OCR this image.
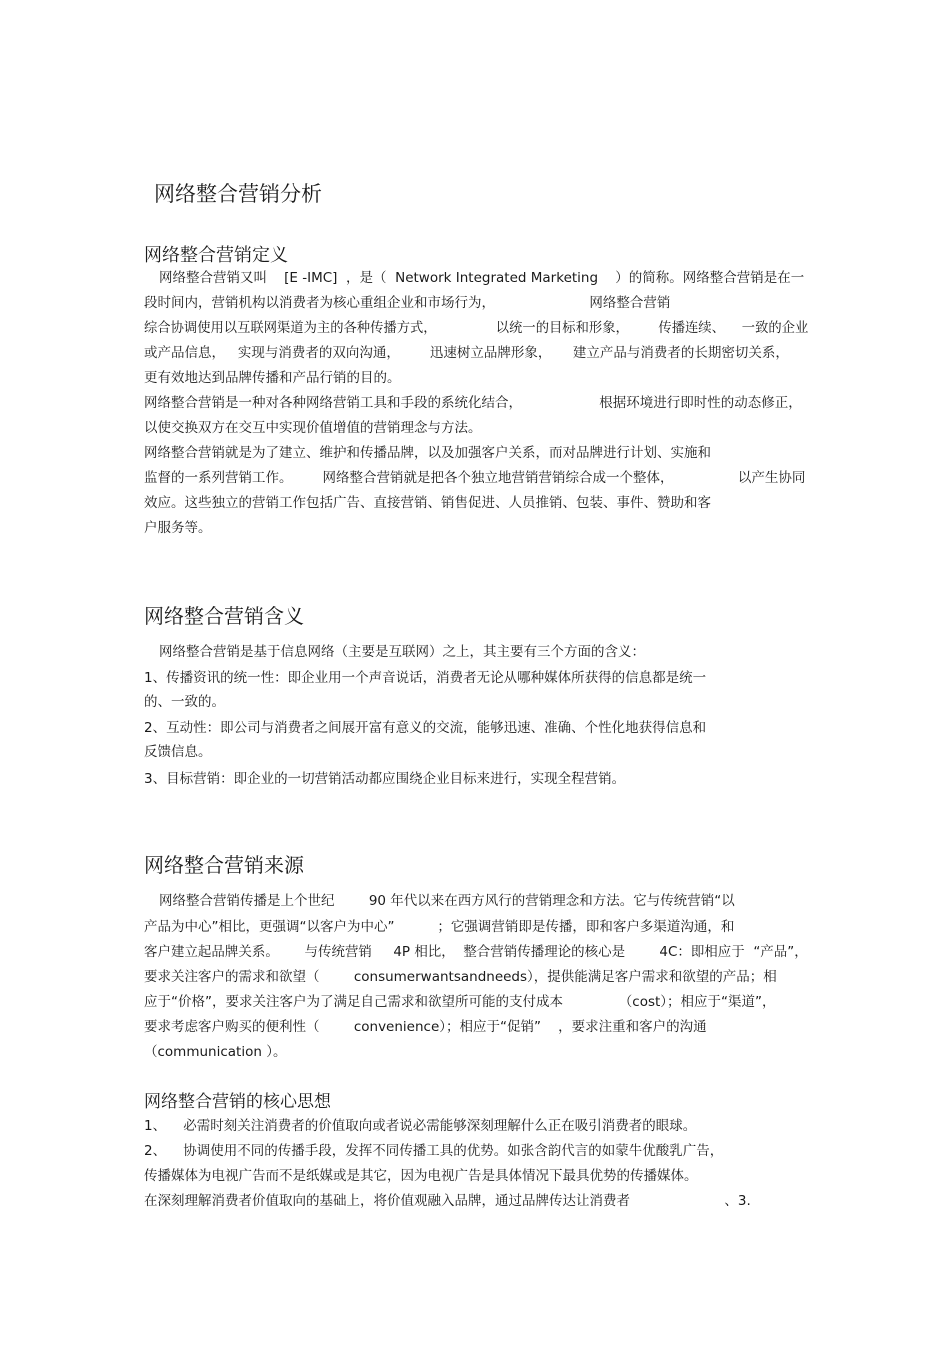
网络整合营销分析
网络整合营销定义
网络整合营销又叫    [E -IMC]  ，是（  Network Integrated Marketing    ）的简称。网络整合营销是在一
段时间内，营销机构以消费者为核心重组企业和市场行为，                      网络整合营销
综合协调使用以互联网渠道为主的各种传播方式，              以统一的目标和形象，       传播连续、    一致的企业
或产品信息，   实现与消费者的双向沟通，       迅速树立品牌形象，     建立产品与消费者的长期密切关系，
更有效地达到品牌传播和产品行销的目的。
网络整合营销是一种对各种网络营销工具和手段的系统化结合，                  根据环境进行即时性的动态修正，
以使交换双方在交互中实现价值增值的营销理念与方法。
网络整合营销就是为了建立、维护和传播品牌，以及加强客户关系，而对品牌进行计划、实施和
监督的一系列营销工作。       网络整合营销就是把各个独立地营销营销综合成一个整体，               以产生协同
效应。这些独立的营销工作包括广告、直接营销、销售促进、人员推销、包装、事件、赞助和客
户服务等。
网络整合营销含义
网络整合营销是基于信息网络（主要是互联网）之上，其主要有三个方面的含义：
1、传播资讯的统一性：即企业用一个声音说话，消费者无论从哪种媒体所获得的信息都是统一
的、一致的。
2、互动性：即公司与消费者之间展开富有意义的交流，能够迅速、准确、个性化地获得信息和
反馈信息。
3、目标营销：即企业的一切营销活动都应围绕企业目标来进行，实现全程营销。
网络整合营销来源
网络整合营销传播是上个世纪        90 年代以来在西方风行的营销理念和方法。它与传统营销“以
产品为中心”相比，更强调“以客户为中心”          ；它强调营销即是传播，即和客户多渠道沟通，和
客户建立起品牌关系。      与传统营销     4P 相比，  整合营销传播理论的核心是        4C：即相应于  “产品”，
要求关注客户的需求和欲望（        consumerwantsandneeds），提供能满足客户需求和欲望的产品；相
应于“价格”，要求关注客户为了满足自己需求和欲望所可能的支付成本             （cost）；相应于“渠道”，
要求考虑客户购买的便利性（        convenience）；相应于“促销”    ，要求注重和客户的沟通
（communication ）。
网络整合营销的核心思想
1、    必需时刻关注消费者的价值取向或者说必需能够深刻理解什么正在吸引消费者的眼球。
2、    协调使用不同的传播手段，发挥不同传播工具的优势。如张含韵代言的如蒙牛优酸乳广告，
传播媒体为电视广告而不是纸媒或是其它，因为电视广告是具体情况下最具优势的传播媒体。
在深刻理解消费者价值取向的基础上，将价值观融入品牌，通过品牌传达让消费者                      、3.
